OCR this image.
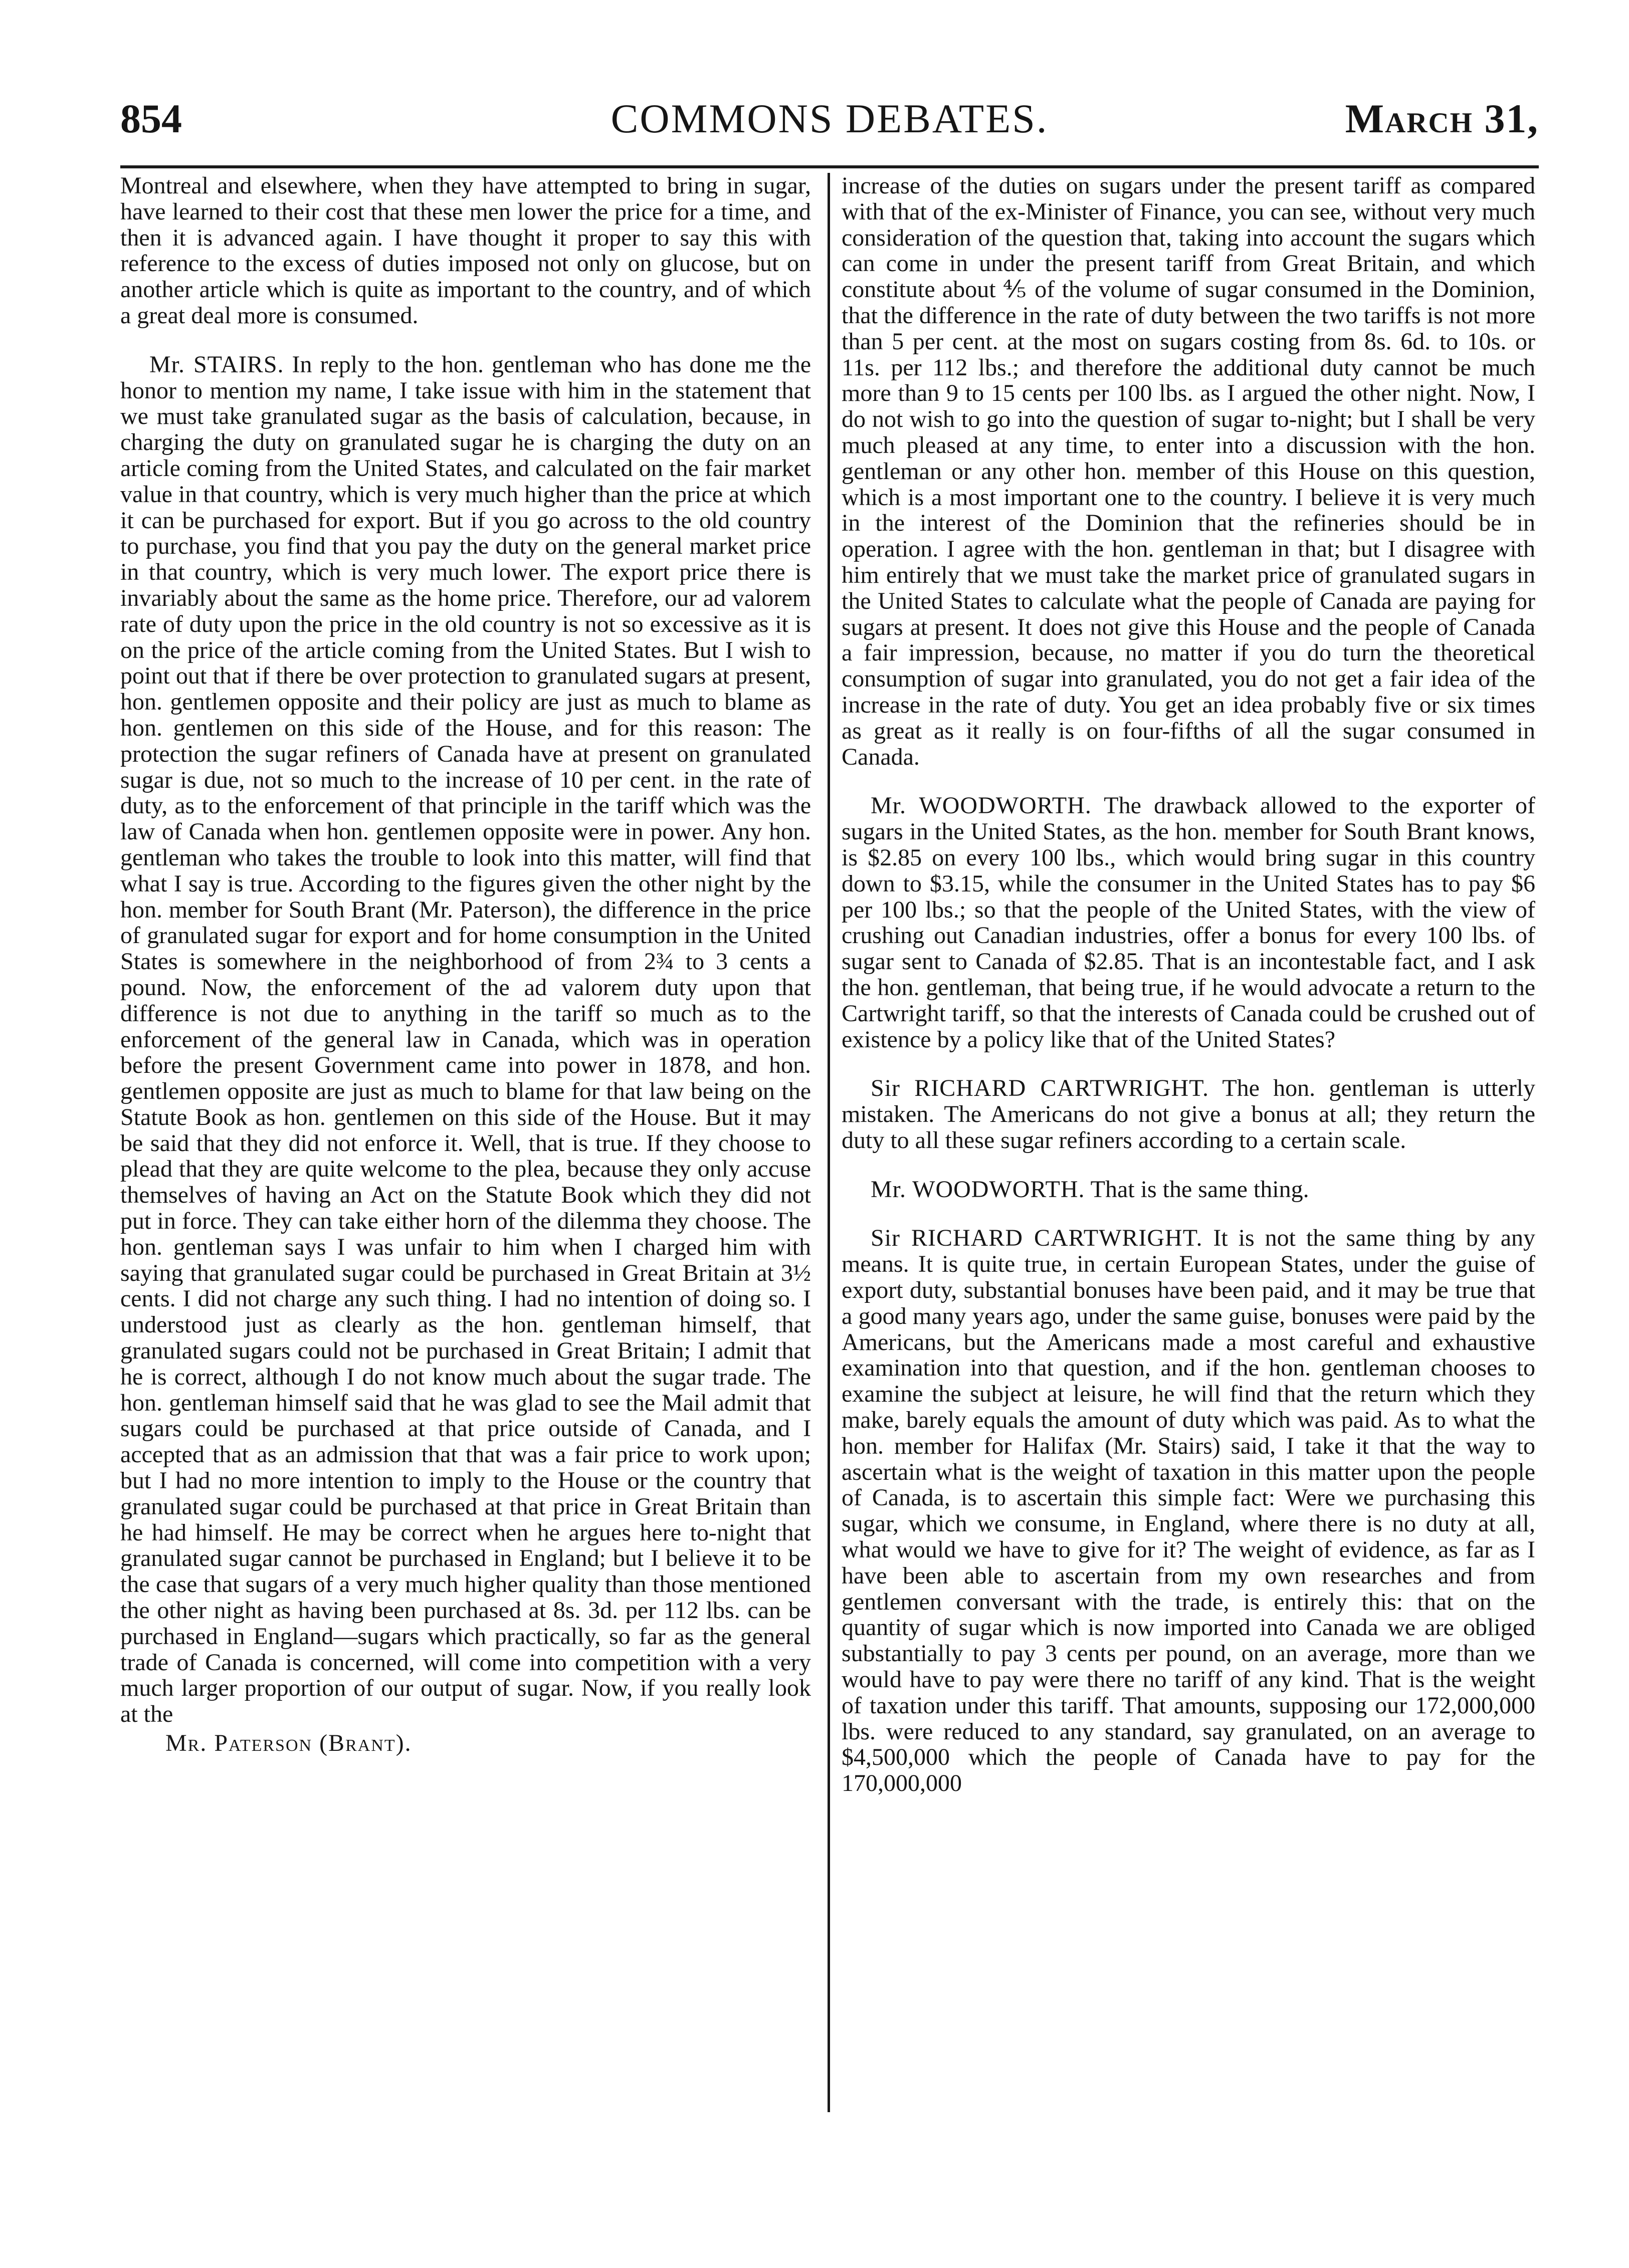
854	COMMONS DEBATES.	March 31,

Montreal and elsewhere, when they have attempted to bring in sugar, have learned to their cost that these men lower the price for a time, and then it is advanced again. I have thought it proper to say this with reference to the excess of duties imposed not only on glucose, but on another article which is quite as important to the country, and of which a great deal more is consumed.

Mr. STAIRS. In reply to the hon. gentleman who has done me the honor to mention my name, I take issue with him in the statement that we must take granulated sugar as the basis of calculation, because, in charging the duty on granulated sugar he is charging the duty on an article coming from the United States, and calculated on the fair market value in that country, which is very much higher than the price at which it can be purchased for export. But if you go across to the old country to purchase, you find that you pay the duty on the general market price in that country, which is very much lower. The export price there is invariably about the same as the home price. Therefore, our ad valorem rate of duty upon the price in the old country is not so excessive as it is on the price of the article coming from the United States. But I wish to point out that if there be over protection to granulated sugars at present, hon. gentlemen opposite and their policy are just as much to blame as hon. gentlemen on this side of the House, and for this reason: The protection the sugar refiners of Canada have at present on granulated sugar is due, not so much to the increase of 10 per cent. in the rate of duty, as to the enforcement of that principle in the tariff which was the law of Canada when hon. gentlemen opposite were in power. Any hon. gentleman who takes the trouble to look into this matter, will find that what I say is true. According to the figures given the other night by the hon. member for South Brant (Mr. Paterson), the difference in the price of granulated sugar for export and for home consumption in the United States is somewhere in the neighborhood of from 2¾ to 3 cents a pound. Now, the enforcement of the ad valorem duty upon that difference is not due to anything in the tariff so much as to the enforcement of the general law in Canada, which was in operation before the present Government came into power in 1878, and hon. gentlemen opposite are just as much to blame for that law being on the Statute Book as hon. gentlemen on this side of the House. But it may be said that they did not enforce it. Well, that is true. If they choose to plead that they are quite welcome to the plea, because they only accuse themselves of having an Act on the Statute Book which they did not put in force. They can take either horn of the dilemma they choose. The hon. gentleman says I was unfair to him when I charged him with saying that granulated sugar could be purchased in Great Britain at 3½ cents. I did not charge any such thing. I had no intention of doing so. I understood just as clearly as the hon. gentleman himself, that granulated sugars could not be purchased in Great Britain; I admit that he is correct, although I do not know much about the sugar trade. The hon. gentleman himself said that he was glad to see the Mail admit that sugars could be purchased at that price outside of Canada, and I accepted that as an admission that that was a fair price to work upon; but I had no more intention to imply to the House or the country that granulated sugar could be purchased at that price in Great Britain than he had himself. He may be correct when he argues here to-night that granulated sugar cannot be purchased in England; but I believe it to be the case that sugars of a very much higher quality than those mentioned the other night as having been purchased at 8s. 3d. per 112 lbs. can be purchased in England—sugars which practically, so far as the general trade of Canada is concerned, will come into competition with a very much larger proportion of our output of sugar. Now, if you really look at the

Mr. Paterson (Brant).

increase of the duties on sugars under the present tariff as compared with that of the ex-Minister of Finance, you can see, without very much consideration of the question that, taking into account the sugars which can come in under the present tariff from Great Britain, and which constitute about ⅘ of the volume of sugar consumed in the Dominion, that the difference in the rate of duty between the two tariffs is not more than 5 per cent. at the most on sugars costing from 8s. 6d. to 10s. or 11s. per 112 lbs.; and therefore the additional duty cannot be much more than 9 to 15 cents per 100 lbs. as I argued the other night. Now, I do not wish to go into the question of sugar to-night; but I shall be very much pleased at any time, to enter into a discussion with the hon. gentleman or any other hon. member of this House on this question, which is a most important one to the country. I believe it is very much in the interest of the Dominion that the refineries should be in operation. I agree with the hon. gentleman in that; but I disagree with him entirely that we must take the market price of granulated sugars in the United States to calculate what the people of Canada are paying for sugars at present. It does not give this House and the people of Canada a fair impression, because, no matter if you do turn the theoretical consumption of sugar into granulated, you do not get a fair idea of the increase in the rate of duty. You get an idea probably five or six times as great as it really is on four-fifths of all the sugar consumed in Canada.

Mr. WOODWORTH. The drawback allowed to the exporter of sugars in the United States, as the hon. member for South Brant knows, is $2.85 on every 100 lbs., which would bring sugar in this country down to $3.15, while the consumer in the United States has to pay $6 per 100 lbs.; so that the people of the United States, with the view of crushing out Canadian industries, offer a bonus for every 100 lbs. of sugar sent to Canada of $2.85. That is an incontestable fact, and I ask the hon. gentleman, that being true, if he would advocate a return to the Cartwright tariff, so that the interests of Canada could be crushed out of existence by a policy like that of the United States?

Sir RICHARD CARTWRIGHT. The hon. gentleman is utterly mistaken. The Americans do not give a bonus at all; they return the duty to all these sugar refiners according to a certain scale.

Mr. WOODWORTH. That is the same thing.

Sir RICHARD CARTWRIGHT. It is not the same thing by any means. It is quite true, in certain European States, under the guise of export duty, substantial bonuses have been paid, and it may be true that a good many years ago, under the same guise, bonuses were paid by the Americans, but the Americans made a most careful and exhaustive examination into that question, and if the hon. gentleman chooses to examine the subject at leisure, he will find that the return which they make, barely equals the amount of duty which was paid. As to what the hon. member for Halifax (Mr. Stairs) said, I take it that the way to ascertain what is the weight of taxation in this matter upon the people of Canada, is to ascertain this simple fact: Were we purchasing this sugar, which we consume, in England, where there is no duty at all, what would we have to give for it? The weight of evidence, as far as I have been able to ascertain from my own researches and from gentlemen conversant with the trade, is entirely this: that on the quantity of sugar which is now imported into Canada we are obliged substantially to pay 3 cents per pound, on an average, more than we would have to pay were there no tariff of any kind. That is the weight of taxation under this tariff. That amounts, supposing our 172,000,000 lbs. were reduced to any standard, say granulated, on an average to $4,500,000 which the people of Canada have to pay for the 170,000,000
